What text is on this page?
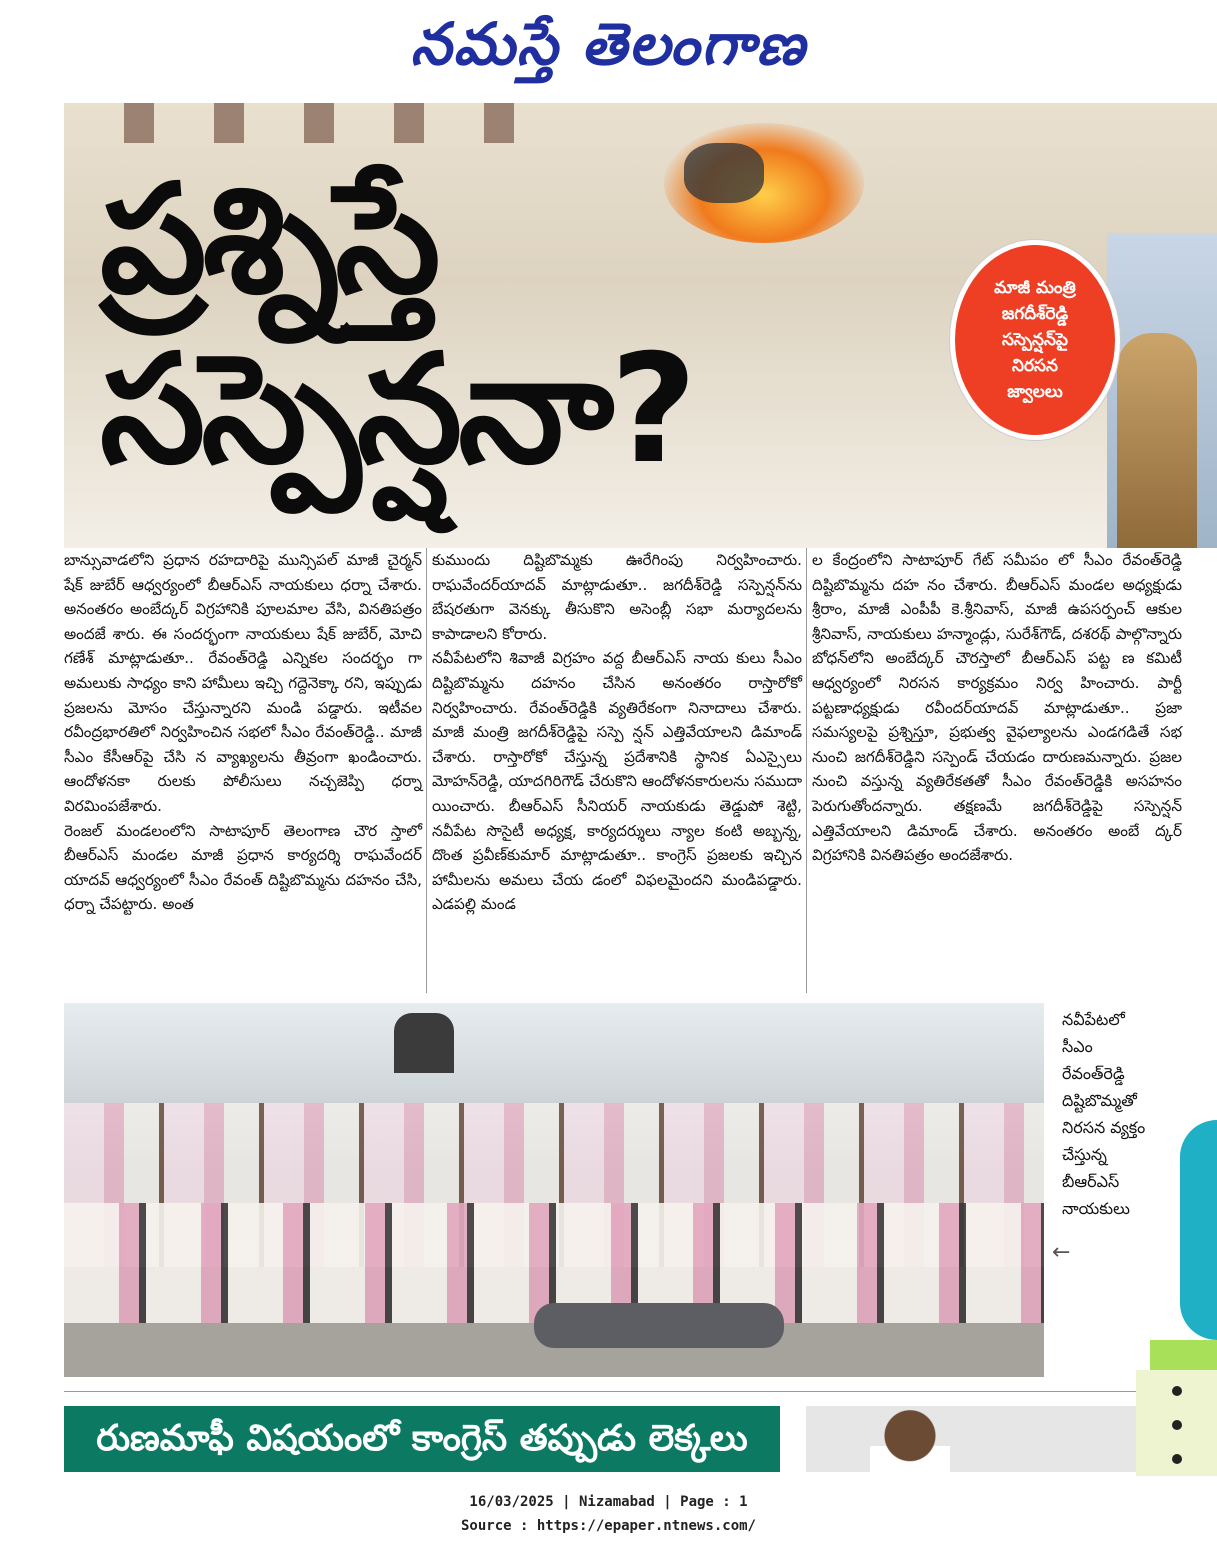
నమస్తే తెలంగాణ
ప్రశ్నిస్తే
సస్పెన్షనా?
మాజీ మంత్రి
జగదీశ్‌రెడ్డి
సస్పెన్షన్‌పై
నిరసన
జ్వాలలు

బాన్సువాడలోని ప్రధాన రహదారిపై మున్సిపల్ మాజీ చైర్మన్ షేక్ జుబేర్ ఆధ్వర్యంలో బీఆర్ఎస్ నాయకులు ధర్నా చేశారు. అనంతరం అంబేద్కర్ విగ్రహానికి పూలమాల వేసి, వినతిపత్రం అందజే శారు. ఈ సందర్భంగా నాయకులు షేక్ జుబేర్, మోచి గణేశ్ మాట్లాడుతూ.. రేవంత్‌రెడ్డి ఎన్నికల సందర్భం గా అమలుకు సాధ్యం కాని హామీలు ఇచ్చి గద్దెనెక్కా రని, ఇప్పుడు ప్రజలను మోసం చేస్తున్నారని మండి పడ్డారు. ఇటీవల రవీంద్రభారతిలో నిర్వహించిన సభలో సీఎం రేవంత్‌రెడ్డి.. మాజీ సీఎం కేసీఆర్‌పై చేసి న వ్యాఖ్యలను తీవ్రంగా ఖండించారు. ఆందోళనకా రులకు పోలీసులు నచ్చజెప్పి ధర్నా విరమింపజేశారు.

రెంజల్ మండలంలోని సాటాపూర్ తెలంగాణ చౌర స్తాలో బీఆర్ఎస్ మండల మాజీ ప్రధాన కార్యదర్శి రాఘవేందర్ యాదవ్ ఆధ్వర్యంలో సీఎం రేవంత్ దిష్టిబొమ్మను దహనం చేసి, ధర్నా చేపట్టారు. అంత

కుముందు దిష్టిబొమ్మకు ఊరేగింపు నిర్వహించారు. రాఘవేందర్‌యాదవ్ మాట్లాడుతూ.. జగదీశ్‌రెడ్డి సస్పెన్షన్‌ను బేషరతుగా వెనక్కు తీసుకొని అసెంబ్లీ సభా మర్యాదలను కాపాడాలని కోరారు.

నవీపేటలోని శివాజీ విగ్రహం వద్ద బీఆర్ఎస్ నాయ కులు సీఎం దిష్టిబొమ్మను దహనం చేసిన అనంతరం రాస్తారోకో నిర్వహించారు. రేవంత్‌రెడ్డికి వ్యతిరేకంగా నినాదాలు చేశారు. మాజీ మంత్రి జగదీశ్‌రెడ్డిపై సస్పె న్షన్ ఎత్తివేయాలని డిమాండ్ చేశారు. రాస్తారోకో చేస్తున్న ప్రదేశానికి స్థానిక ఏఎస్సైలు మోహన్‌రెడ్డి, యాదగిరిగౌడ్ చేరుకొని ఆందోళనకారులను సముదా యించారు. బీఆర్ఎస్ సీనియర్ నాయకుడు తెడ్డుపో శెట్టి, నవీపేట సొసైటీ అధ్యక్ష, కార్యదర్శులు న్యాల కంటి అబ్బన్న, దొంత ప్రవీణ్‌కుమార్ మాట్లాడుతూ.. కాంగ్రెస్ ప్రజలకు ఇచ్చిన హామీలను అమలు చేయ డంలో విఫలమైందని మండిపడ్డారు. ఎడపల్లి మండ

ల కేంద్రంలోని సాటాపూర్ గేట్ సమీపం లో సీఎం రేవంత్‌రెడ్డి దిష్టిబొమ్మను దహ నం చేశారు. బీఆర్ఎస్ మండల అధ్యక్షుడు శ్రీరాం, మాజీ ఎంపీపీ కె.శ్రీనివాస్, మాజీ ఉపసర్పంచ్ ఆకుల శ్రీనివాస్, నాయకులు హన్మాండ్లు, సురేశ్‌గౌడ్, దశరథ్ పాల్గొన్నారు బోధన్‌లోని అంబేద్కర్ చౌరస్తాలో బీఆర్ఎస్ పట్ట ణ కమిటీ ఆధ్వర్యంలో నిరసన కార్యక్రమం నిర్వ హించారు. పార్టీ పట్టణాధ్యక్షుడు రవీందర్‌యాదవ్ మాట్లాడుతూ.. ప్రజా సమస్యలపై ప్రశ్నిస్తూ, ప్రభుత్వ వైఫల్యాలను ఎండగడితే సభ నుంచి జగదీశ్‌రెడ్డిని సస్పెండ్ చేయడం దారుణమన్నారు. ప్రజల నుంచి వస్తున్న వ్యతిరేకతతో సీఎం రేవంత్‌రెడ్డికి అసహనం పెరుగుతోందన్నారు. తక్షణమే జగదీశ్‌రెడ్డిపై సస్పెన్షన్ ఎత్తివేయాలని డిమాండ్ చేశారు. అనంతరం అంబే ద్కర్ విగ్రహానికి వినతిపత్రం అందజేశారు.

నవీపేటలో
సీఎం
రేవంత్‌రెడ్డి
దిష్టిబొమ్మతో
నిరసన వ్యక్తం
చేస్తున్న
బీఆర్ఎస్
నాయకులు
←
రుణమాఫీ విషయంలో కాంగ్రెస్ తప్పుడు లెక్కలు
16/03/2025 | Nizamabad | Page : 1
Source : https://epaper.ntnews.com/
